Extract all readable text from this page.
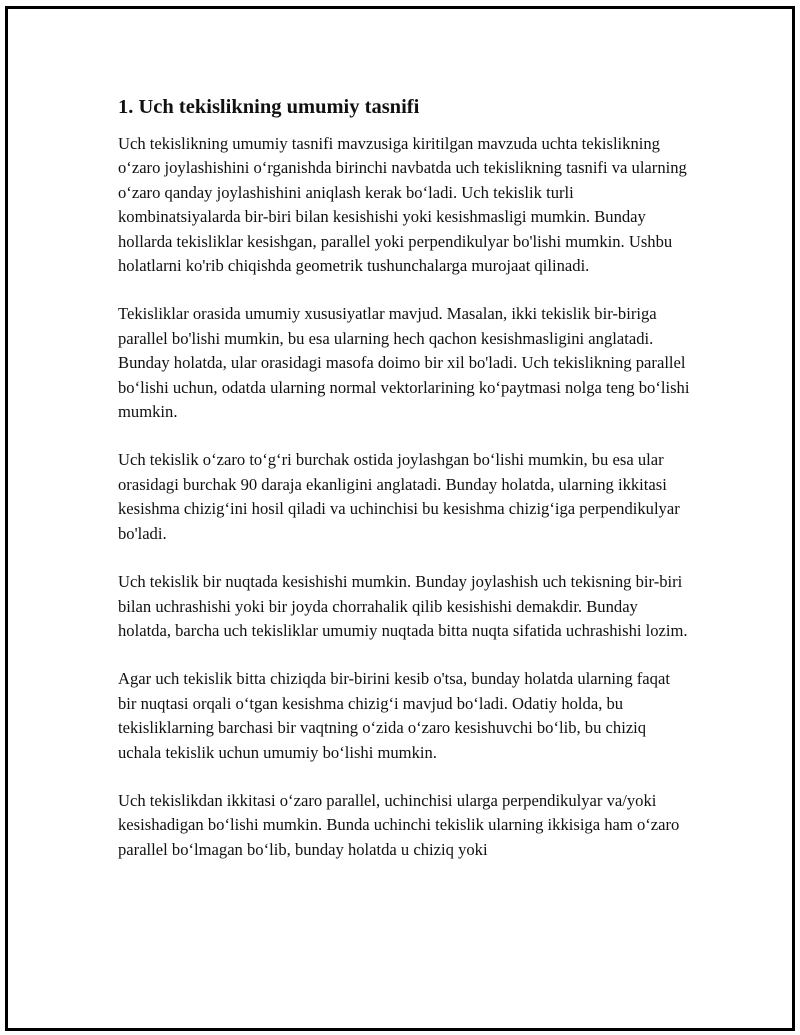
1. Uch tekislikning umumiy tasnifi

Uch tekislikning umumiy tasnifi mavzusiga kiritilgan mavzuda uchta tekislikning o‘zaro joylashishini o‘rganishda birinchi navbatda uch tekislikning tasnifi va ularning o‘zaro qanday joylashishini aniqlash kerak bo‘ladi. Uch tekislik turli kombinatsiyalarda bir-biri bilan kesishishi yoki kesishmasligi mumkin. Bunday hollarda tekisliklar kesishgan, parallel yoki perpendikulyar bo'lishi mumkin. Ushbu holatlarni ko'rib chiqishda geometrik tushunchalarga murojaat qilinadi.

Tekisliklar orasida umumiy xususiyatlar mavjud. Masalan, ikki tekislik bir-biriga parallel bo'lishi mumkin, bu esa ularning hech qachon kesishmasligini anglatadi. Bunday holatda, ular orasidagi masofa doimo bir xil bo'ladi. Uch tekislikning parallel bo‘lishi uchun, odatda ularning normal vektorlarining ko‘paytmasi nolga teng bo‘lishi mumkin.

Uch tekislik o‘zaro to‘g‘ri burchak ostida joylashgan bo‘lishi mumkin, bu esa ular orasidagi burchak 90 daraja ekanligini anglatadi. Bunday holatda, ularning ikkitasi kesishma chizig‘ini hosil qiladi va uchinchisi bu kesishma chizig‘iga perpendikulyar bo'ladi.

Uch tekislik bir nuqtada kesishishi mumkin. Bunday joylashish uch tekisning bir-biri bilan uchrashishi yoki bir joyda chorrahalik qilib kesishishi demakdir. Bunday holatda, barcha uch tekisliklar umumiy nuqtada bitta nuqta sifatida uchrashishi lozim.

Agar uch tekislik bitta chiziqda bir-birini kesib o'tsa, bunday holatda ularning faqat bir nuqtasi orqali o‘tgan kesishma chizig‘i mavjud bo‘ladi. Odatiy holda, bu tekisliklarning barchasi bir vaqtning o‘zida o‘zaro kesishuvchi bo‘lib, bu chiziq uchala tekislik uchun umumiy bo‘lishi mumkin.

Uch tekislikdan ikkitasi o‘zaro parallel, uchinchisi ularga perpendikulyar va/yoki kesishadigan bo‘lishi mumkin. Bunda uchinchi tekislik ularning ikkisiga ham o‘zaro parallel bo‘lmagan bo‘lib, bunday holatda u chiziq yoki
